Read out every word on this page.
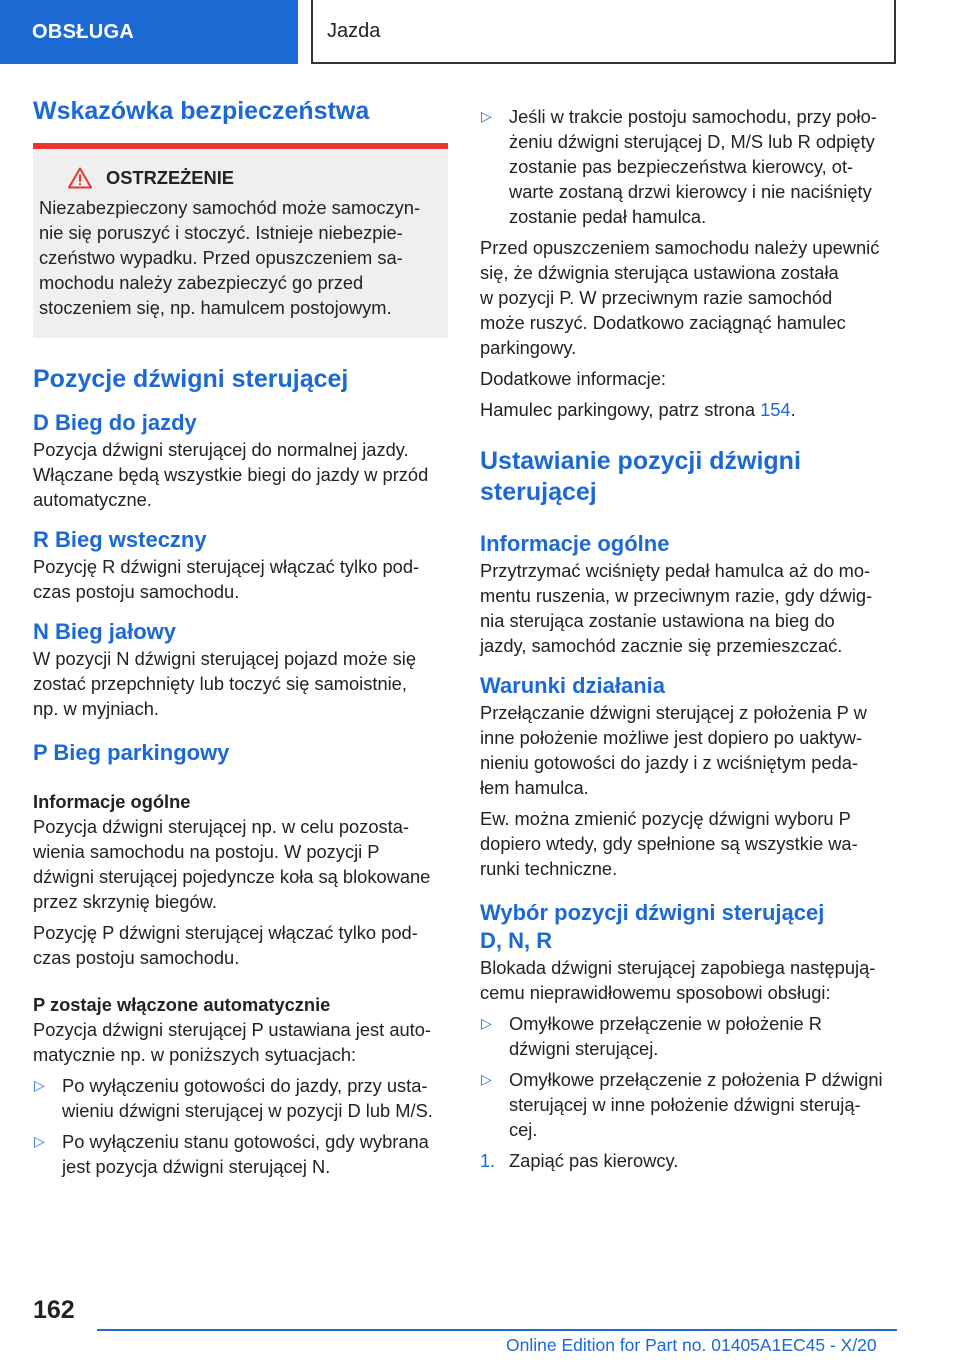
OBSŁUGA	Jazda
Wskazówka bezpieczeństwa
OSTRZEŻENIE

Niezabezpieczony samochód może samoczyn-
nie się poruszyć i stoczyć. Istnieje niebezpie-
czeństwo wypadku. Przed opuszczeniem sa-
mochodu należy zabezpieczyć go przed
stoczeniem się, np. hamulcem postojowym.

Pozycje dźwigni sterującej
D Bieg do jazdy

Pozycja dźwigni sterującej do normalnej jazdy.
Włączane będą wszystkie biegi do jazdy w przód
automatyczne.

R Bieg wsteczny

Pozycję R dźwigni sterującej włączać tylko pod-
czas postoju samochodu.

N Bieg jałowy

W pozycji N dźwigni sterującej pojazd może się
zostać przepchnięty lub toczyć się samoistnie,
np. w myjniach.

P Bieg parkingowy
Informacje ogólne

Pozycja dźwigni sterującej np. w celu pozosta-
wienia samochodu na postoju. W pozycji P
dźwigni sterującej pojedyncze koła są blokowane
przez skrzynię biegów.

Pozycję P dźwigni sterującej włączać tylko pod-
czas postoju samochodu.

P zostaje włączone automatycznie

Pozycja dźwigni sterującej P ustawiana jest auto-
matycznie np. w poniższych sytuacjach:

▷ Po wyłączeniu gotowości do jazdy, przy usta-
wieniu dźwigni sterującej w pozycji D lub M/S.
▷ Po wyłączeniu stanu gotowości, gdy wybrana
jest pozycja dźwigni sterującej N.
▷ Jeśli w trakcie postoju samochodu, przy poło-
żeniu dźwigni sterującej D, M/S lub R odpięty
zostanie pas bezpieczeństwa kierowcy, ot-
warte zostaną drzwi kierowcy i nie naciśnięty
zostanie pedał hamulca.

Przed opuszczeniem samochodu należy upewnić
się, że dźwignia sterująca ustawiona została
w pozycji P. W przeciwnym razie samochód
może ruszyć. Dodatkowo zaciągnąć hamulec
parkingowy.

Dodatkowe informacje:

Hamulec parkingowy, patrz strona 154.

Ustawianie pozycji dźwigni
sterującej
Informacje ogólne

Przytrzymać wciśnięty pedał hamulca aż do mo-
mentu ruszenia, w przeciwnym razie, gdy dźwig-
nia sterująca zostanie ustawiona na bieg do
jazdy, samochód zacznie się przemieszczać.

Warunki działania

Przełączanie dźwigni sterującej z położenia P w
inne położenie możliwe jest dopiero po uaktyw-
nieniu gotowości do jazdy i z wciśniętym peda-
łem hamulca.

Ew. można zmienić pozycję dźwigni wyboru P
dopiero wtedy, gdy spełnione są wszystkie wa-
runki techniczne.

Wybór pozycji dźwigni sterującej
D, N, R

Blokada dźwigni sterującej zapobiega następują-
cemu nieprawidłowemu sposobowi obsługi:

▷ Omyłkowe przełączenie w położenie R
dźwigni sterującej.
▷ Omyłkowe przełączenie z położenia P dźwigni
sterującej w inne położenie dźwigni sterują-
cej.
1. Zapiąć pas kierowcy.
162
Online Edition for Part no. 01405A1EC45 - X/20
